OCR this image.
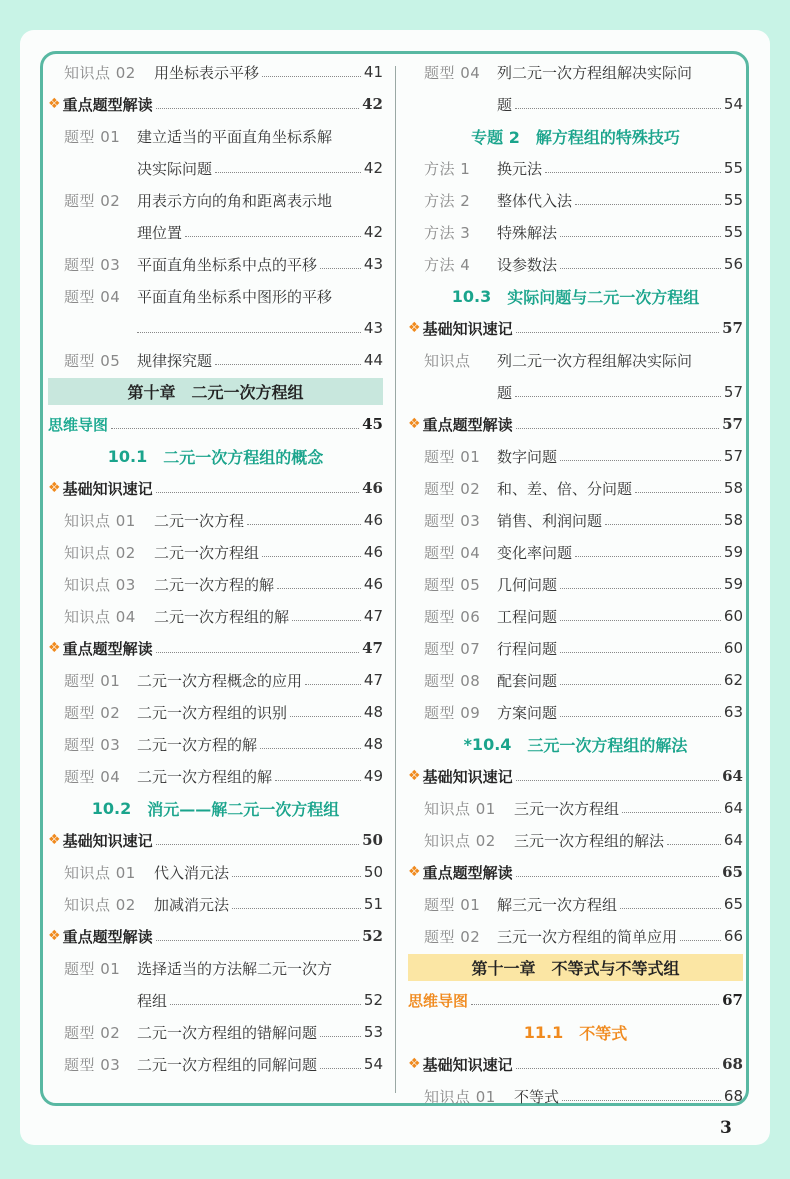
知识点 02	用坐标表示平移	41
❖ 重点题型解读	42
题型 01	建立适当的平面直角坐标系解
决实际问题	42
题型 02	用表示方向的角和距离表示地
理位置	42
题型 03	平面直角坐标系中点的平移	43
题型 04	平面直角坐标系中图形的平移
43
题型 05	规律探究题	44
第十章 二元一次方程组
思维导图	45
10.1 二元一次方程组的概念
❖ 基础知识速记	46
知识点 01	二元一次方程	46
知识点 02	二元一次方程组	46
知识点 03	二元一次方程的解	46
知识点 04	二元一次方程组的解	47
❖ 重点题型解读	47
题型 01	二元一次方程概念的应用	47
题型 02	二元一次方程组的识别	48
题型 03	二元一次方程的解	48
题型 04	二元一次方程组的解	49
10.2 消元——解二元一次方程组
❖ 基础知识速记	50
知识点 01	代入消元法	50
知识点 02	加减消元法	51
❖ 重点题型解读	52
题型 01	选择适当的方法解二元一次方
程组	52
题型 02	二元一次方程组的错解问题	53
题型 03	二元一次方程组的同解问题	54
题型 04	列二元一次方程组解决实际问
题	54
专题 2 解方程组的特殊技巧
方法 1	换元法	55
方法 2	整体代入法	55
方法 3	特殊解法	55
方法 4	设参数法	56
10.3 实际问题与二元一次方程组
❖ 基础知识速记	57
知识点	列二元一次方程组解决实际问
题	57
❖ 重点题型解读	57
题型 01	数字问题	57
题型 02	和、差、倍、分问题	58
题型 03	销售、利润问题	58
题型 04	变化率问题	59
题型 05	几何问题	59
题型 06	工程问题	60
题型 07	行程问题	60
题型 08	配套问题	62
题型 09	方案问题	63
*10.4 三元一次方程组的解法
❖ 基础知识速记	64
知识点 01	三元一次方程组	64
知识点 02	三元一次方程组的解法	64
❖ 重点题型解读	65
题型 01	解三元一次方程组	65
题型 02	三元一次方程组的简单应用	66
第十一章 不等式与不等式组
思维导图	67
11.1 不等式
❖ 基础知识速记	68
知识点 01	不等式	68
3
